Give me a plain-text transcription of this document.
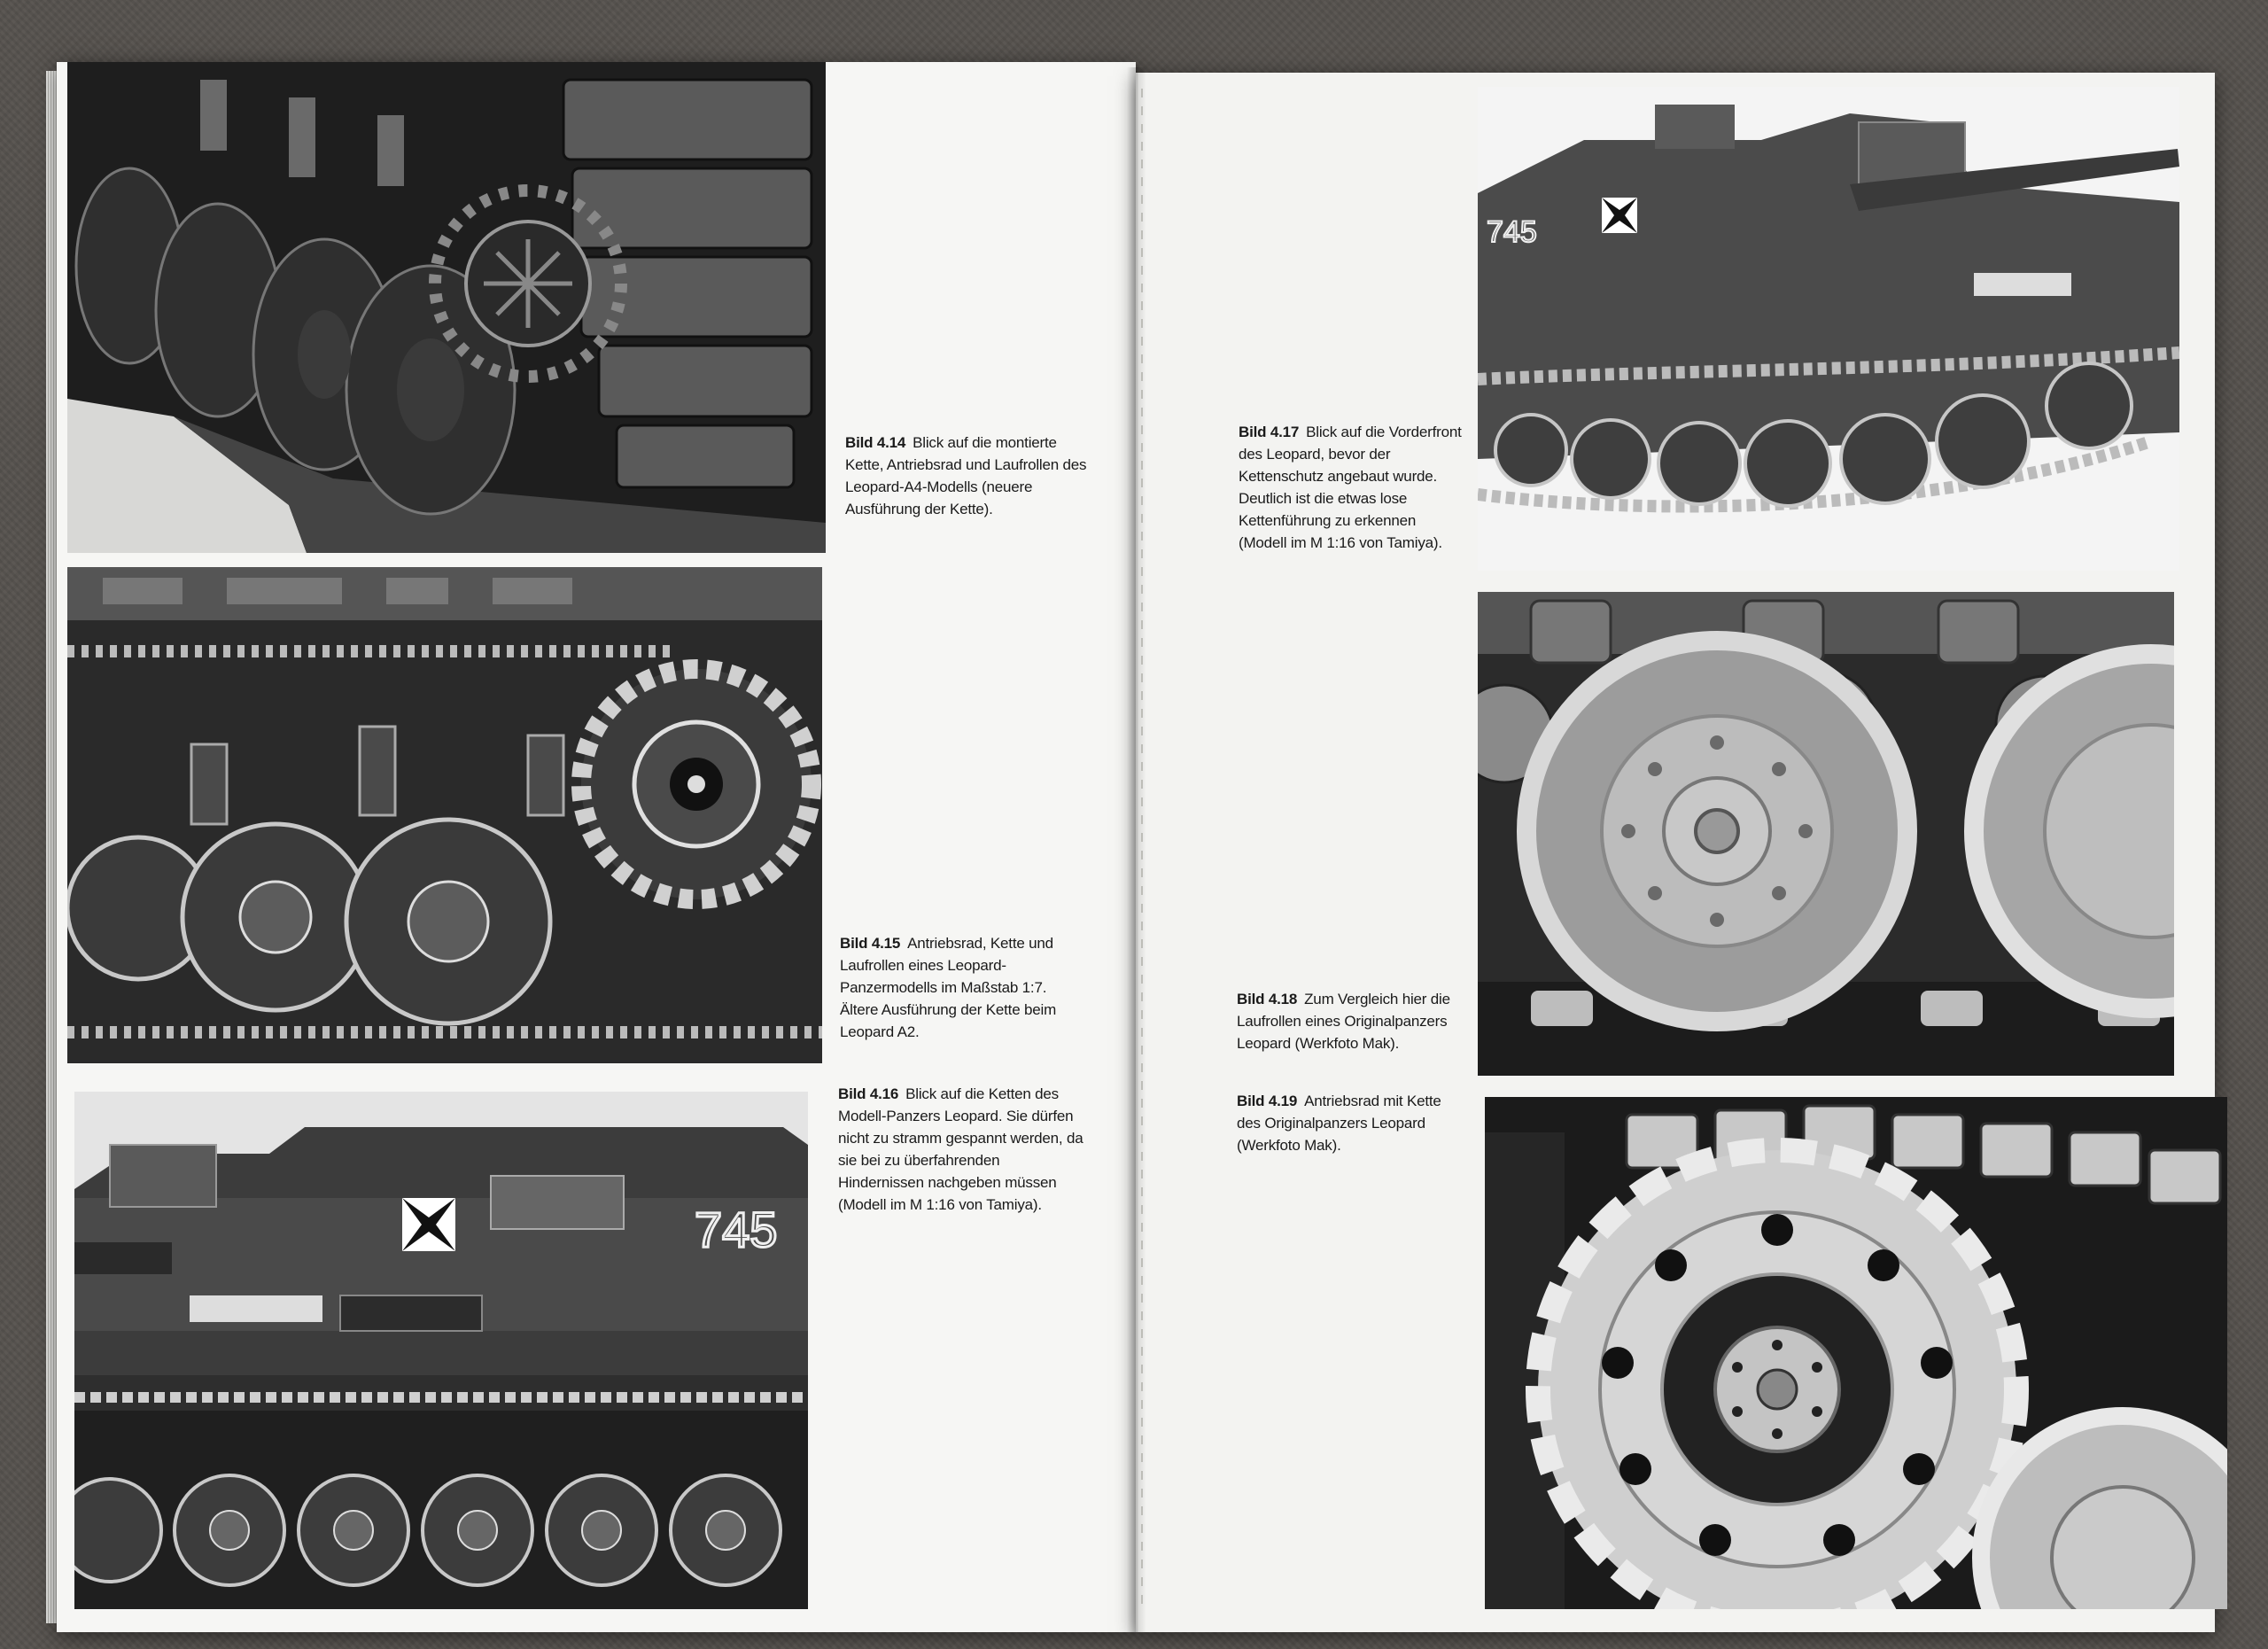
745
Bild 4.14 Blick auf die montierte Kette, Antriebsrad und Laufrollen des Leopard-A4-Modells (neuere Ausführung der Kette).
Bild 4.15 Antriebsrad, Kette und Laufrollen eines Leopard-Panzermodells im Maßstab 1:7. Ältere Ausführung der Kette beim Leopard A2.
Bild 4.16 Blick auf die Ketten des Modell-Panzers Leopard. Sie dürfen nicht zu stramm gespannt werden, da sie bei zu überfahrenden Hindernissen nachgeben müssen (Modell im M 1:16 von Tamiya).
745
Bild 4.17 Blick auf die Vorderfront des Leopard, bevor der Kettenschutz angebaut wurde. Deutlich ist die etwas lose Kettenführung zu erkennen (Modell im M 1:16 von Tamiya).
Bild 4.18 Zum Vergleich hier die Laufrollen eines Originalpanzers Leopard (Werkfoto Mak).
Bild 4.19 Antriebsrad mit Kette des Originalpanzers Leopard (Werkfoto Mak).
